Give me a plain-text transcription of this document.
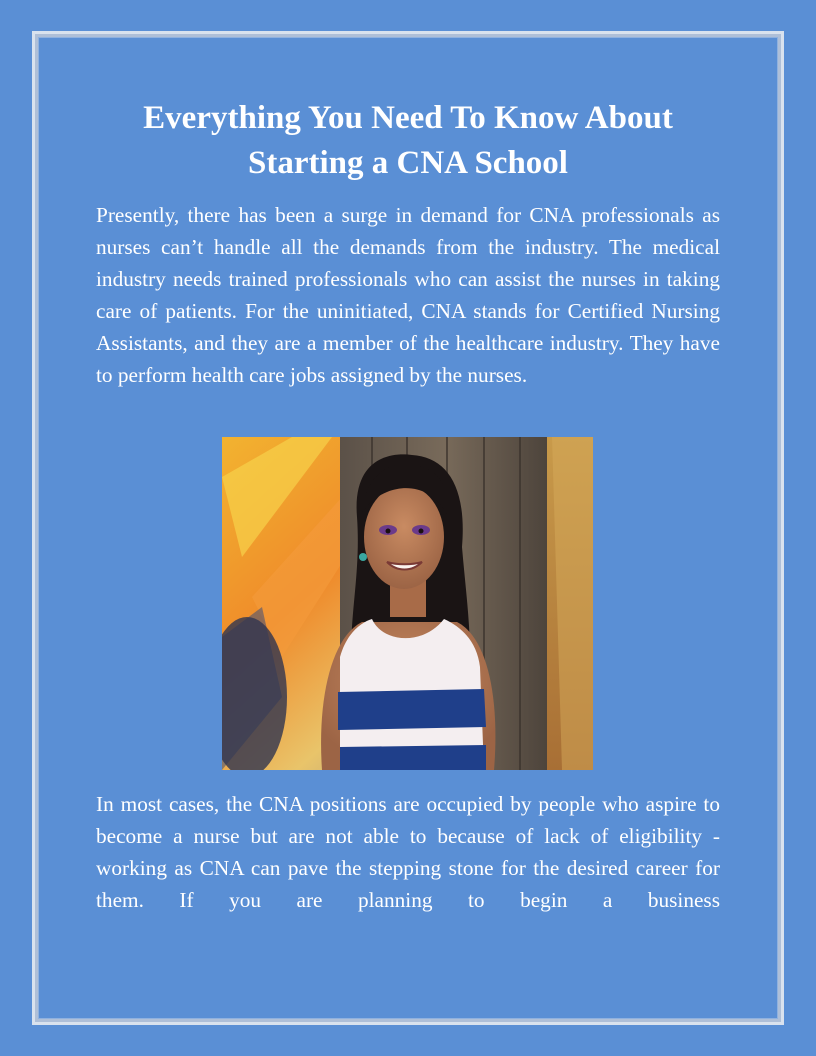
Everything You Need To Know About
Starting a CNA School

Presently, there has been a surge in demand for CNA professionals as nurses can’t handle all the demands from the industry. The medical industry needs trained professionals who can assist the nurses in taking care of patients. For the uninitiated, CNA stands for Certified Nursing Assistants, and they are a member of the healthcare industry. They have to perform health care jobs assigned by the nurses.

In most cases, the CNA positions are occupied by people who aspire to become a nurse but are not able to because of lack of eligibility - working as CNA can pave the stepping stone for the desired career for them. If you are planning to begin a business
